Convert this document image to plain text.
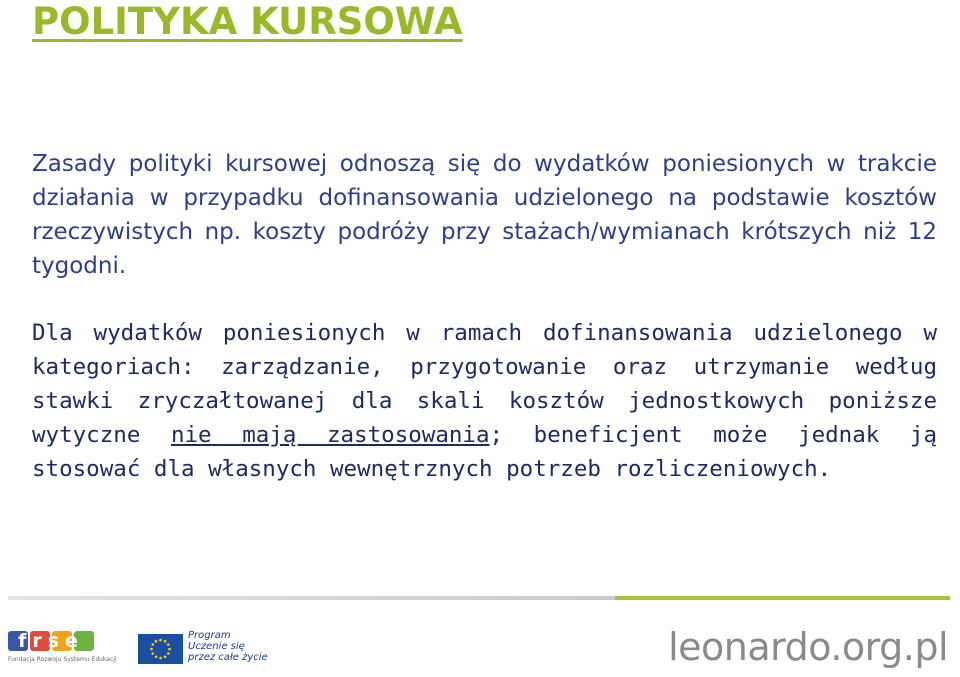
POLITYKA KURSOWA
Zasady polityki kursowej odnoszą się do wydatków poniesionych w trakcie działania w przypadku dofinansowania udzielonego na podstawie kosztów rzeczywistych np. koszty podróży przy stażach/wymianach krótszych niż 12 tygodni.
Dla wydatków poniesionych w ramach dofinansowania udzielonego w kategoriach: zarządzanie, przygotowanie oraz utrzymanie według stawki zryczałtowanej dla skali kosztów jednostkowych poniższe wytyczne nie mają zastosowania; beneficjent może jednak ją stosować dla własnych wewnętrznych potrzeb rozliczeniowych.
frse
Fundacja Rozwoju Systemu Edukacji
Program
Uczenie się
przez całe życie	leonardo.org.pl
